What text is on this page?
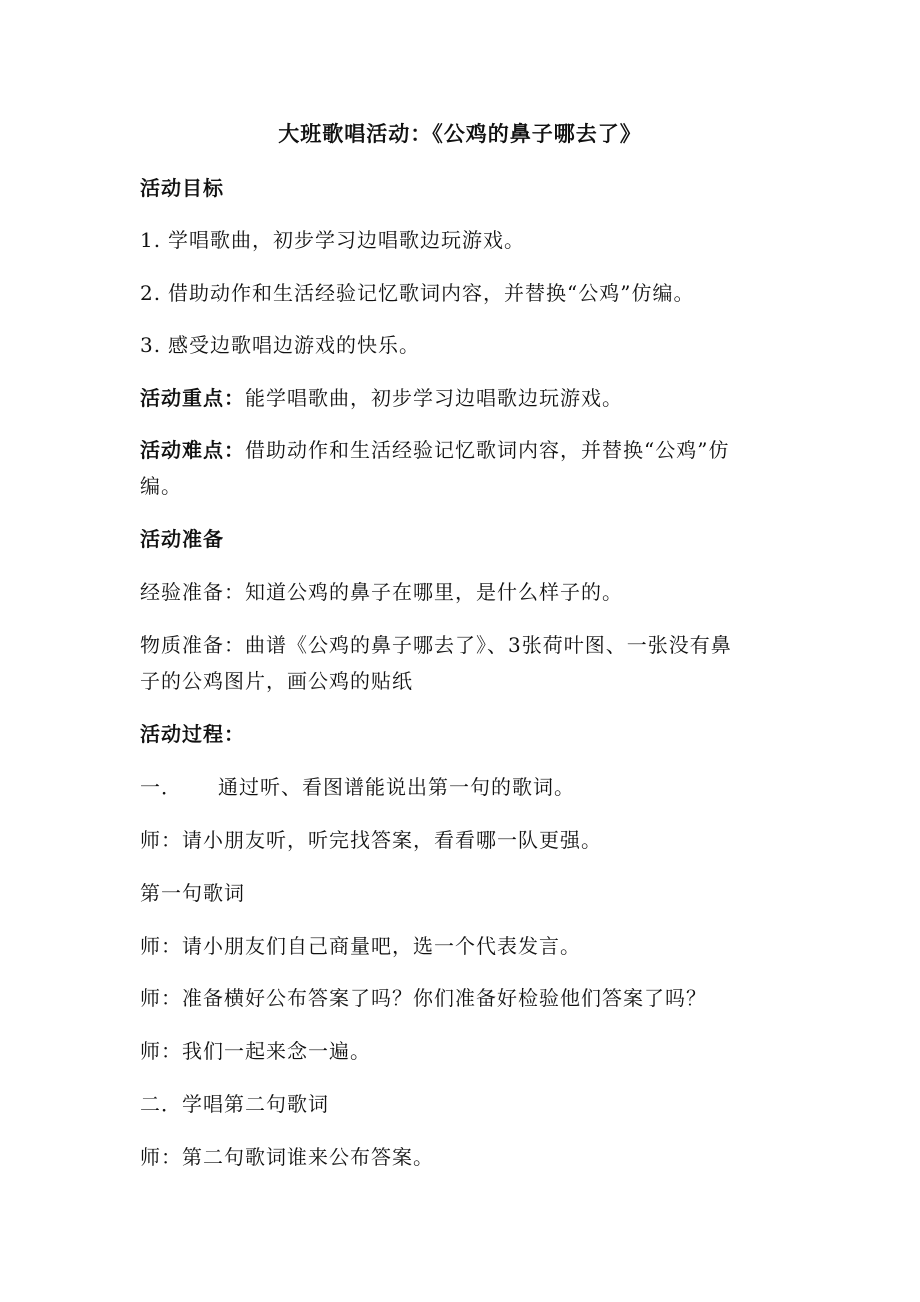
大班歌唱活动：《公鸡的鼻子哪去了》

活动目标

1. 学唱歌曲，初步学习边唱歌边玩游戏。

2. 借助动作和生活经验记忆歌词内容，并替换“公鸡”仿编。

3. 感受边歌唱边游戏的快乐。

活动重点：能学唱歌曲，初步学习边唱歌边玩游戏。

活动难点：借助动作和生活经验记忆歌词内容，并替换“公鸡”仿

编。

活动准备

经验准备：知道公鸡的鼻子在哪里，是什么样子的。

物质准备：曲谱《公鸡的鼻子哪去了》、3张荷叶图、一张没有鼻

子的公鸡图片，画公鸡的贴纸

活动过程：

一． 通过听、看图谱能说出第一句的歌词。

师：请小朋友听，听完找答案，看看哪一队更强。

第一句歌词

师：请小朋友们自己商量吧，选一个代表发言。

师：准备横好公布答案了吗？你们准备好检验他们答案了吗？

师：我们一起来念一遍。

二．学唱第二句歌词

师：第二句歌词谁来公布答案。
